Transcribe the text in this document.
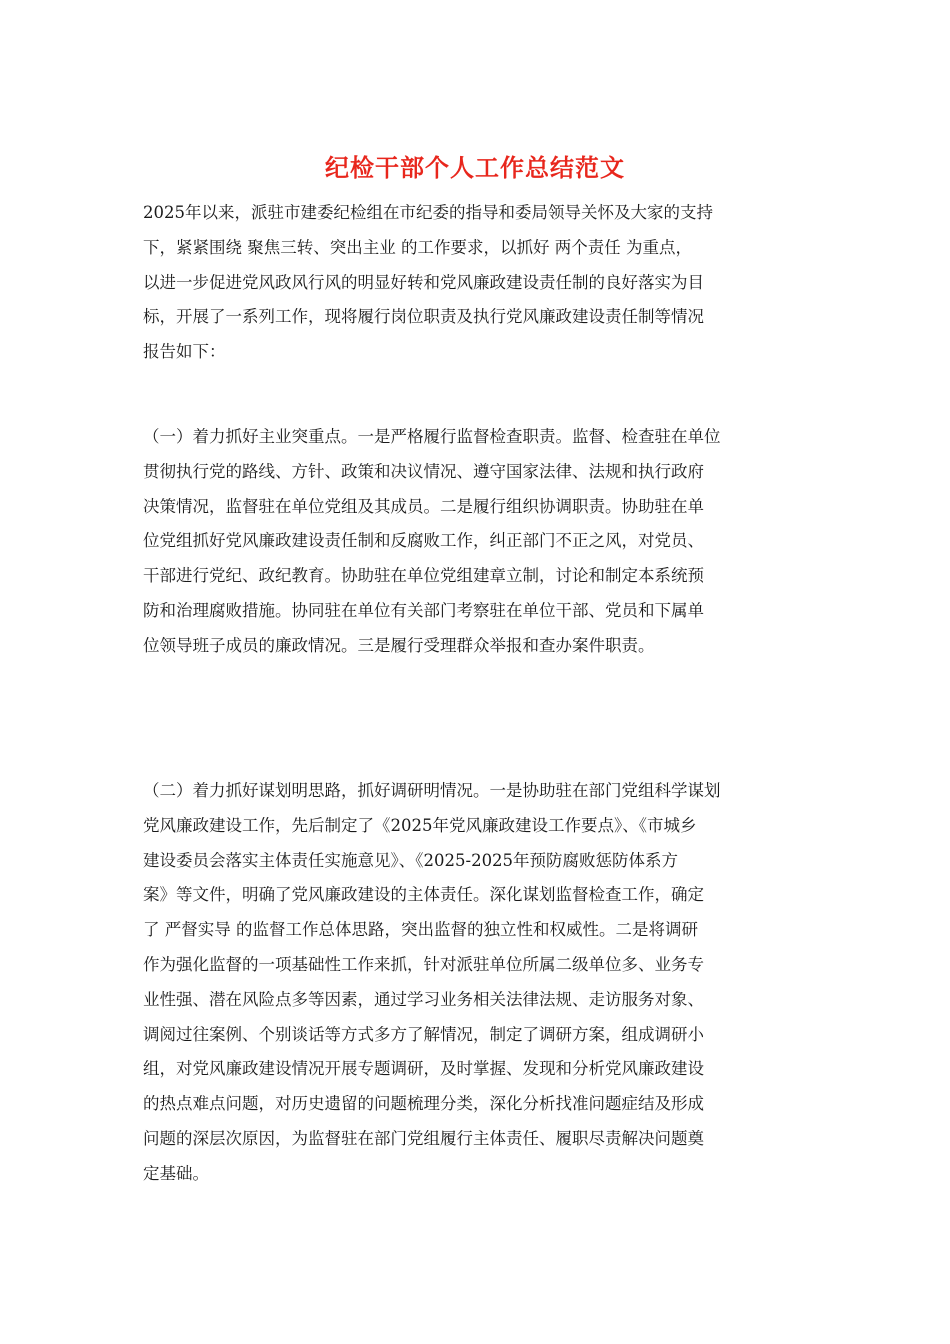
纪检干部个人工作总结范文

2025年以来，派驻市建委纪检组在市纪委的指导和委局领导关怀及大家的支持
下，紧紧围绕 聚焦三转、突出主业 的工作要求，以抓好 两个责任 为重点，
以进一步促进党风政风行风的明显好转和党风廉政建设责任制的良好落实为目
标，开展了一系列工作，现将履行岗位职责及执行党风廉政建设责任制等情况
报告如下：

（一）着力抓好主业突重点。一是严格履行监督检查职责。监督、检查驻在单位
贯彻执行党的路线、方针、政策和决议情况、遵守国家法律、法规和执行政府
决策情况，监督驻在单位党组及其成员。二是履行组织协调职责。协助驻在单
位党组抓好党风廉政建设责任制和反腐败工作，纠正部门不正之风，对党员、
干部进行党纪、政纪教育。协助驻在单位党组建章立制，讨论和制定本系统预
防和治理腐败措施。协同驻在单位有关部门考察驻在单位干部、党员和下属单
位领导班子成员的廉政情况。三是履行受理群众举报和查办案件职责。

（二）着力抓好谋划明思路，抓好调研明情况。一是协助驻在部门党组科学谋划
党风廉政建设工作，先后制定了《2025年党风廉政建设工作要点》、《市城乡
建设委员会落实主体责任实施意见》、《2025-2025年预防腐败惩防体系方
案》等文件，明确了党风廉政建设的主体责任。深化谋划监督检查工作，确定
了 严督实导 的监督工作总体思路，突出监督的独立性和权威性。二是将调研
作为强化监督的一项基础性工作来抓，针对派驻单位所属二级单位多、业务专
业性强、潜在风险点多等因素，通过学习业务相关法律法规、走访服务对象、
调阅过往案例、个别谈话等方式多方了解情况，制定了调研方案，组成调研小
组，对党风廉政建设情况开展专题调研，及时掌握、发现和分析党风廉政建设
的热点难点问题，对历史遗留的问题梳理分类，深化分析找准问题症结及形成
问题的深层次原因，为监督驻在部门党组履行主体责任、履职尽责解决问题奠
定基础。
